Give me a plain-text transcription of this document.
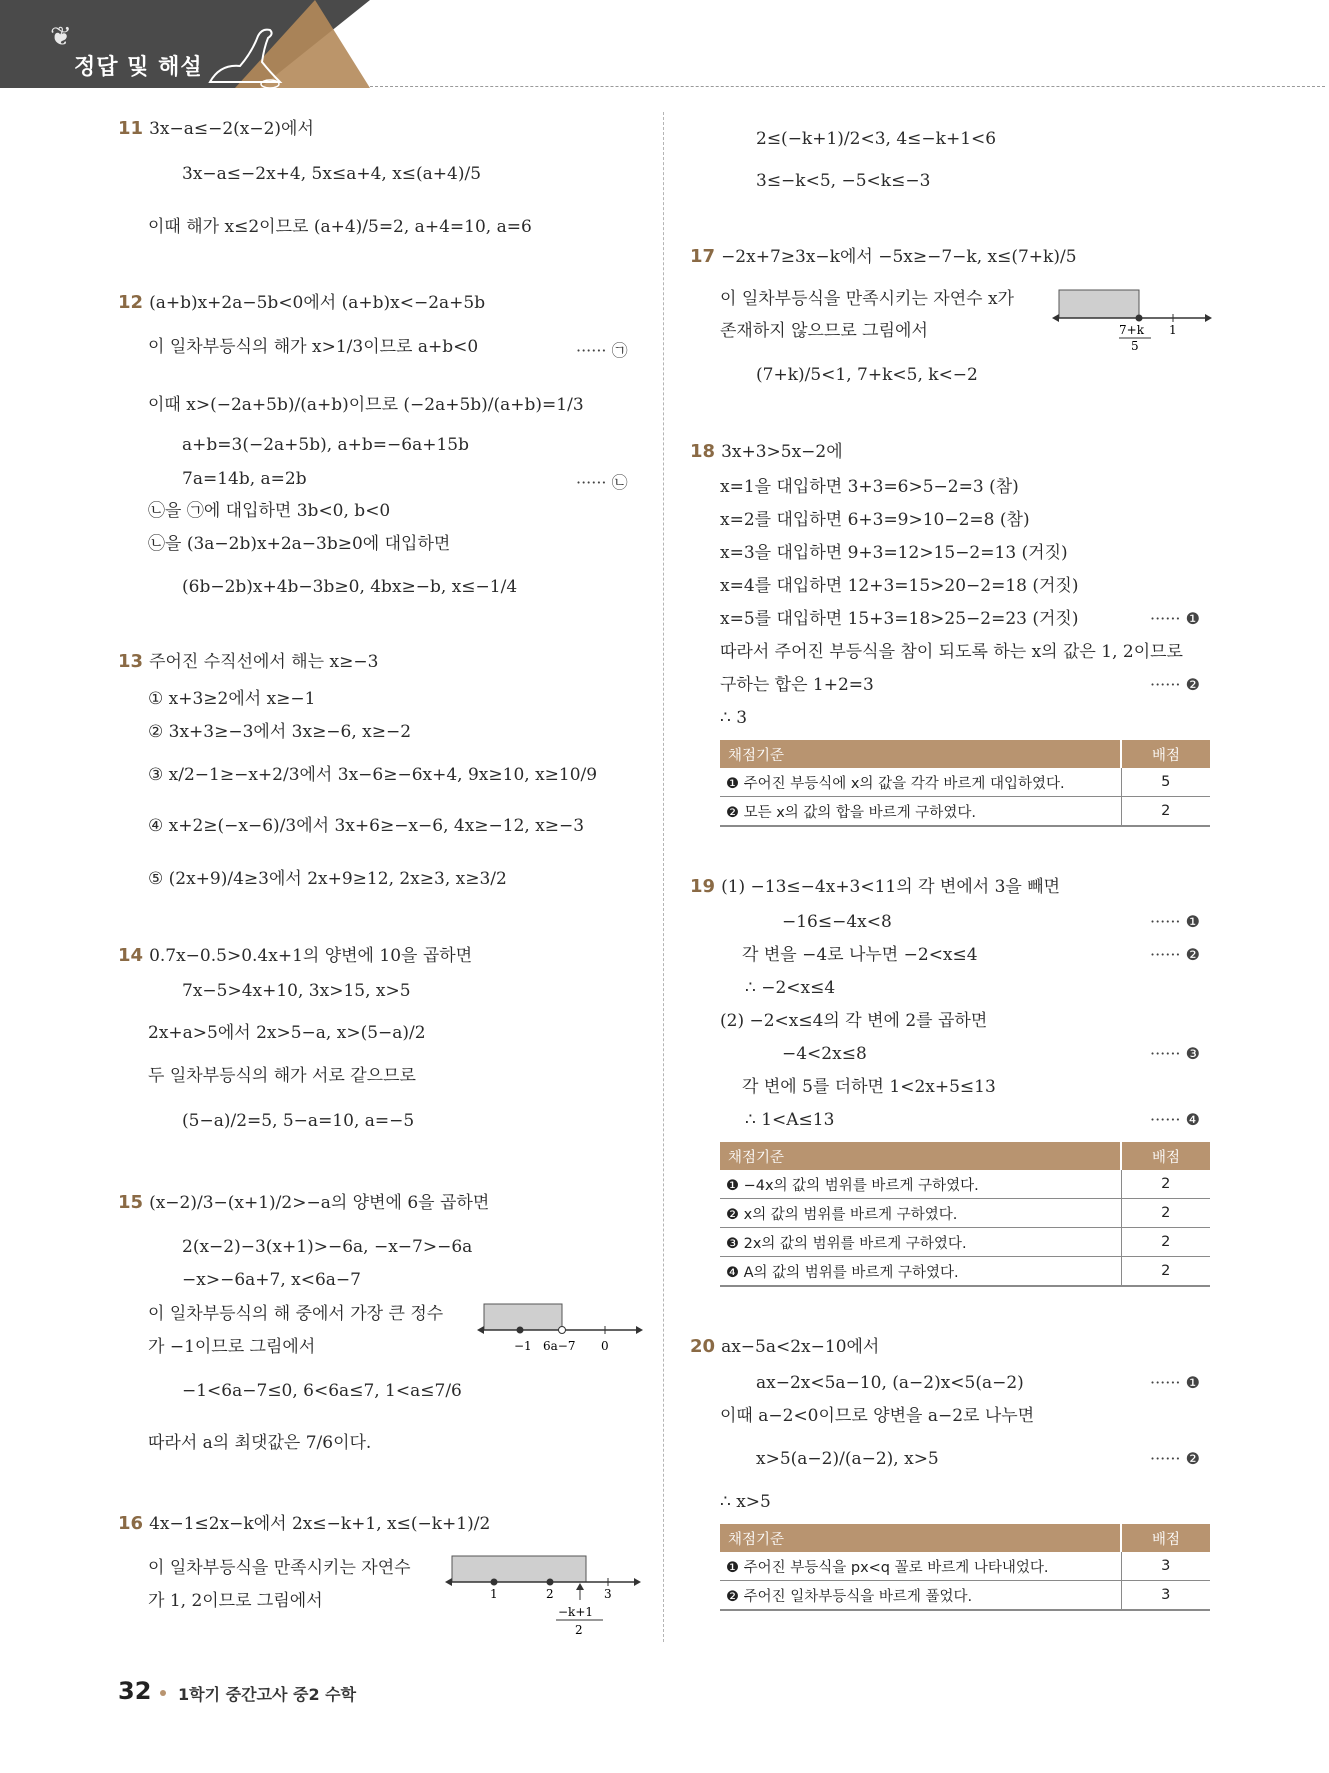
❦
정답 및 해설
11 3x−a≤−2(x−2)에서
3x−a≤−2x+4, 5x≤a+4, x≤(a+4)/5
이때 해가 x≤2이므로 (a+4)/5=2, a+4=10, a=6
12 (a+b)x+2a−5b<0에서 (a+b)x<−2a+5b
이 일차부등식의 해가 x>1/3이므로 a+b<0	······ ㉠
이때 x>(−2a+5b)/(a+b)이므로 (−2a+5b)/(a+b)=1/3
a+b=3(−2a+5b), a+b=−6a+15b
7a=14b, a=2b	······ ㉡
㉡을 ㉠에 대입하면 3b<0, b<0
㉡을 (3a−2b)x+2a−3b≥0에 대입하면
(6b−2b)x+4b−3b≥0, 4bx≥−b, x≤−1/4
13 주어진 수직선에서 해는 x≥−3
① x+3≥2에서 x≥−1
② 3x+3≥−3에서 3x≥−6, x≥−2
③ x/2−1≥−x+2/3에서 3x−6≥−6x+4, 9x≥10, x≥10/9
④ x+2≥(−x−6)/3에서 3x+6≥−x−6, 4x≥−12, x≥−3
⑤ (2x+9)/4≥3에서 2x+9≥12, 2x≥3, x≥3/2
14 0.7x−0.5>0.4x+1의 양변에 10을 곱하면
7x−5>4x+10, 3x>15, x>5
2x+a>5에서 2x>5−a, x>(5−a)/2
두 일차부등식의 해가 서로 같으므로
(5−a)/2=5, 5−a=10, a=−5
15 (x−2)/3−(x+1)/2>−a의 양변에 6을 곱하면
2(x−2)−3(x+1)>−6a, −x−7>−6a
−x>−6a+7, x<6a−7
이 일차부등식의 해 중에서 가장 큰 정수
가 −1이므로 그림에서
−1<6a−7≤0, 6<6a≤7, 1<a≤7/6
따라서 a의 최댓값은 7/6이다.
−1 6a−7 0
16 4x−1≤2x−k에서 2x≤−k+1, x≤(−k+1)/2
이 일차부등식을 만족시키는 자연수
가 1, 2이므로 그림에서	1	2	3
−k+1
2
2≤(−k+1)/2<3, 4≤−k+1<6
3≤−k<5, −5<k≤−3
17 −2x+7≥3x−k에서 −5x≥−7−k, x≤(7+k)/5
이 일차부등식을 만족시키는 자연수 x가
존재하지 않으므로 그림에서
(7+k)/5<1, 7+k<5, k<−2
7+k
5
1
18 3x+3>5x−2에
x=1을 대입하면 3+3=6>5−2=3 (참)
x=2를 대입하면 6+3=9>10−2=8 (참)
x=3을 대입하면 9+3=12>15−2=13 (거짓)
x=4를 대입하면 12+3=15>20−2=18 (거짓)
x=5를 대입하면 15+3=18>25−2=23 (거짓)	······ ❶
따라서 주어진 부등식을 참이 되도록 하는 x의 값은 1, 2이므로
구하는 합은 1+2=3	······ ❷
∴ 3
채점기준	배점
❶ 주어진 부등식에 x의 값을 각각 바르게 대입하였다.	5
❷ 모든 x의 값의 합을 바르게 구하였다.	2
19 (1) −13≤−4x+3<11의 각 변에서 3을 빼면
−16≤−4x<8	······ ❶
각 변을 −4로 나누면 −2<x≤4	······ ❷
∴ −2<x≤4
(2) −2<x≤4의 각 변에 2를 곱하면
−4<2x≤8	······ ❸
각 변에 5를 더하면 1<2x+5≤13
∴ 1<A≤13	······ ❹
채점기준	배점
❶ −4x의 값의 범위를 바르게 구하였다.	2
❷ x의 값의 범위를 바르게 구하였다.	2
❸ 2x의 값의 범위를 바르게 구하였다.	2
❹ A의 값의 범위를 바르게 구하였다.	2
20 ax−5a<2x−10에서
ax−2x<5a−10, (a−2)x<5(a−2)	······ ❶
이때 a−2<0이므로 양변을 a−2로 나누면
x>5(a−2)/(a−2), x>5	······ ❷
∴ x>5
채점기준	배점
❶ 주어진 부등식을 px<q 꼴로 바르게 나타내었다.	3
❷ 주어진 일차부등식을 바르게 풀었다.	3
32 1학기 중간고사 중2 수학
